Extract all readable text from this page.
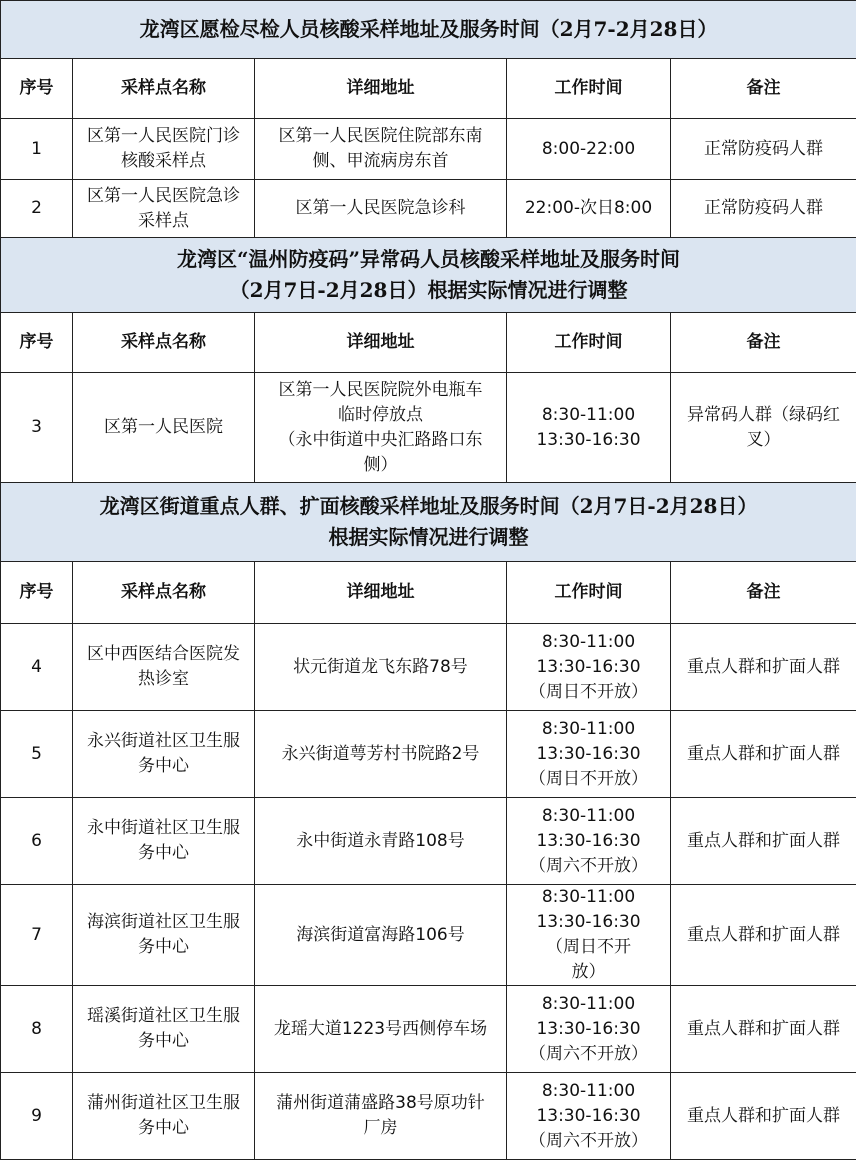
龙湾区愿检尽检人员核酸采样地址及服务时间（2月7-2月28日）				

序号	采样点名称	详细地址	工作时间	备注
1	区第一人民医院门诊
核酸采样点	区第一人民医院住院部东南
侧、甲流病房东首	8:00-22:00	正常防疫码人群

2	区第一人民医院急诊
采样点	区第一人民医院急诊科	22:00-次日8:00	正常防疫码人群

龙湾区“温州防疫码”异常码人员核酸采样地址及服务时间
（2月7日-2月28日）根据实际情况进行调整				

序号	采样点名称	详细地址	工作时间	备注
3	区第一人民医院	区第一人民医院院外电瓶车
临时停放点
（永中街道中央汇路路口东
侧）	8:30-11:00
13:30-16:30	异常码人群（绿码红
叉）

龙湾区街道重点人群、扩面核酸采样地址及服务时间（2月7日-2月28日）
根据实际情况进行调整				

序号	采样点名称	详细地址	工作时间	备注
4	区中西医结合医院发
热诊室	状元街道龙飞东路78号	8:30-11:00
13:30-16:30
（周日不开放）	重点人群和扩面人群

5	永兴街道社区卫生服
务中心	永兴街道萼芳村书院路2号	8:30-11:00
13:30-16:30
（周日不开放）	重点人群和扩面人群

6	永中街道社区卫生服
务中心	永中街道永青路108号	8:30-11:00
13:30-16:30
（周六不开放）	重点人群和扩面人群

7	海滨街道社区卫生服
务中心	海滨街道富海路106号	8:30-11:00
13:30-16:30
（周日不开
放）	重点人群和扩面人群

8	瑶溪街道社区卫生服
务中心	龙瑶大道1223号西侧停车场	8:30-11:00
13:30-16:30
（周六不开放）	重点人群和扩面人群

9	蒲州街道社区卫生服
务中心	蒲州街道蒲盛路38号原功针
厂房	8:30-11:00
13:30-16:30
（周六不开放）	重点人群和扩面人群
